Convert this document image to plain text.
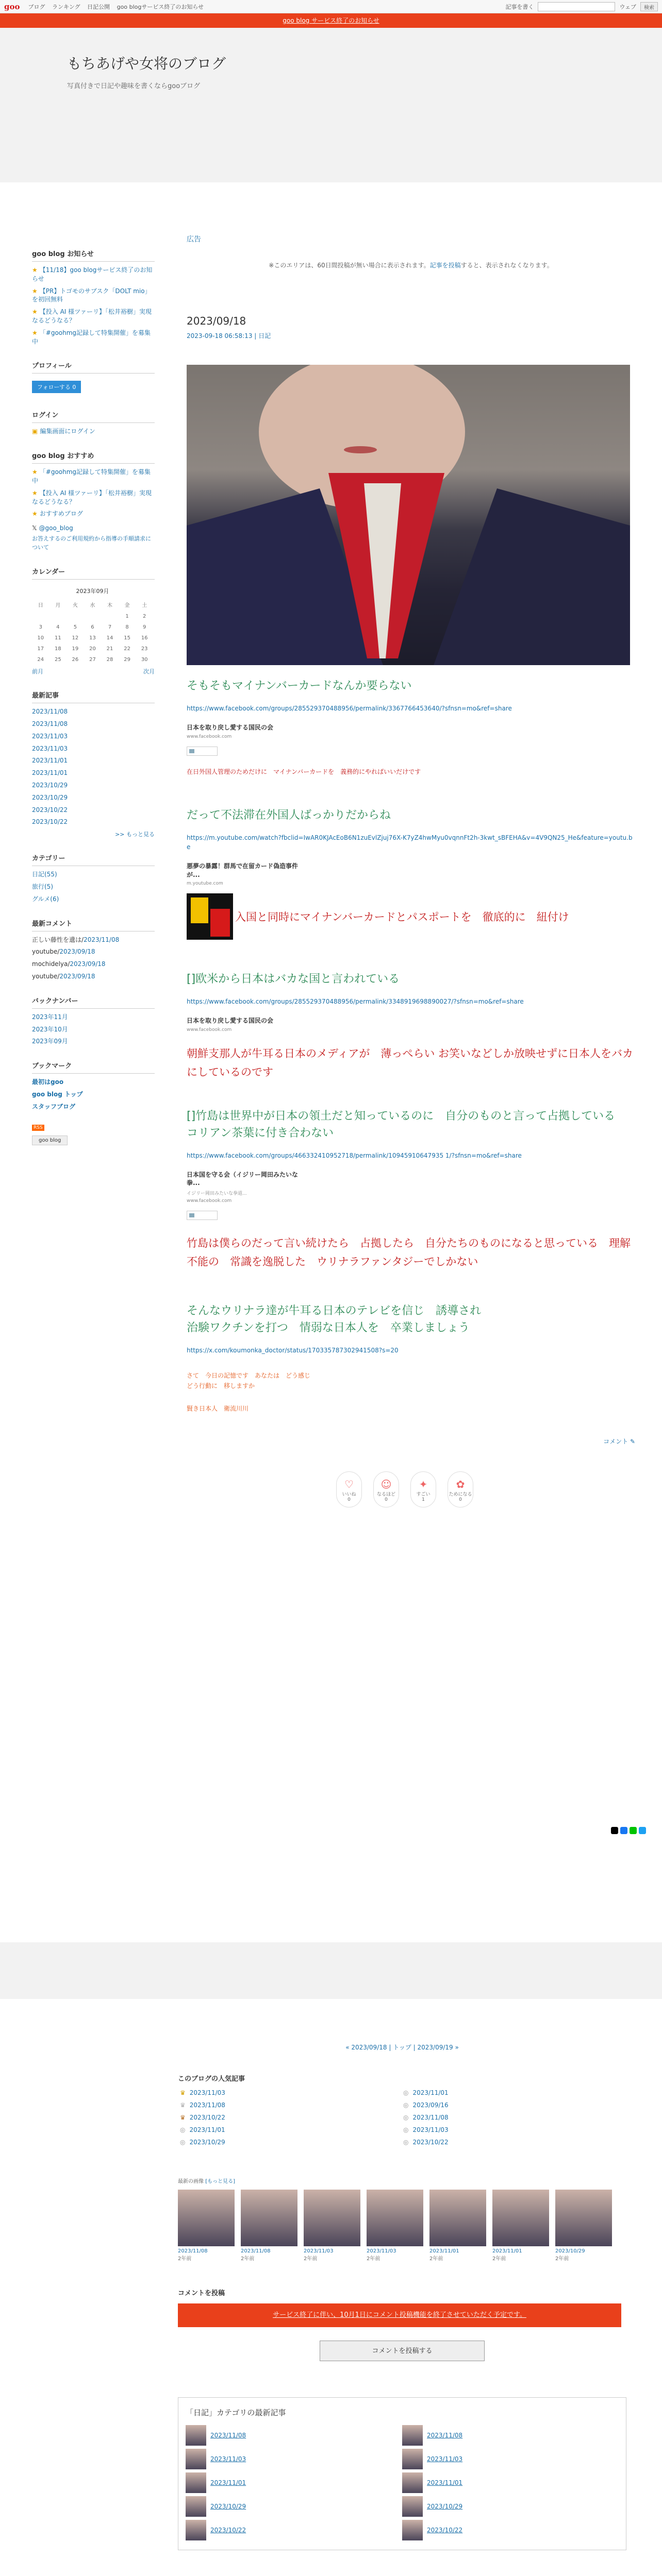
goo ブログ ランキング 日記公開 goo blogサービス終了のお知らせ	記事を書く	ウェブ	検索
goo blog サービス終了のお知らせ
もちあげや女将のブログ
写真付きで日記や趣味を書くならgooブログ
goo blog お知らせ
★ 【11/18】goo blogサービス終了のお知らせ
★ 【PR】トゴモのサブスク「DOLT mio」を初回無料
★ 【投入 AI 様ツァーリ】「松井裕樹」実現なるどうなる？
★ 「#goohmg記録して特集開催」を募集中
プロフィール
フォローする 0
ログイン
▣ 編集画面にログイン
goo blog おすすめ
★ 「#goohmg記録して特集開催」を募集中
★ 【投入 AI 様ツァーリ】「松井裕樹」実現なるどうなる？
★ おすすめブログ
𝕏 @goo_blog
お答えするのご利用規約から指導の手順請求について
カレンダー
2023年09月
日	月	火	水	木	金	土
					1	2
3	4	5	6	7	8	9
10	11	12	13	14	15	16
17	18	19	20	21	22	23
24	25	26	27	28	29	30
前月	次月
最新記事
2023/11/08
2023/11/08
2023/11/03
2023/11/03
2023/11/01
2023/11/01
2023/10/29
2023/10/29
2023/10/22
2023/10/22
>> もっと見る
カテゴリー
日記(55)
旅行(5)
グルメ(6)
最新コメント
正しい藤性を遺は/2023/11/08
youtube/2023/09/18
mochidelya/2023/09/18
youtube/2023/09/18
バックナンバー
2023年11月
2023年10月
2023年09月
ブックマーク
最初はgoo
goo blog トップ
スタッフブログ
RSS
goo blog
広告
※このエリアは、60日間投稿が無い場合に表示されます。記事を投稿すると、表示されなくなります。
2023/09/18
2023-09-18 06:58:13 | 日記
そもそもマイナンバーカードなんか要らない
https://www.facebook.com/groups/285529370488956/permalink/3367766453640/?sfnsn=mo&ref=share
日本を取り戻し愛する国民の会
www.facebook.com
在日外国人管理のためだけに　マイナンバーカードを　義務的にやればいいだけです
だって不法滞在外国人ばっかりだからね
https://m.youtube.com/watch?fbclid=IwAR0KJAcEoB6N1zuEvlZjuj76X-K7yZ4hwMyu0vqnnFt2h-3kwt_sBFEHA&v=4V9QN25_He&feature=youtu.be
悪夢の暴露！群馬で在留カード偽造事件が...
m.youtube.com
入国と同時にマイナンバーカードとパスポートを　徹底的に　紐付け
[]欧米から日本はバカな国と言われている
https://www.facebook.com/groups/285529370488956/permalink/3348919698890027/?sfnsn=mo&ref=share
日本を取り戻し愛する国民の会
www.facebook.com
朝鮮支那人が牛耳る日本のメディアが　薄っぺらい お笑いなどしか放映せずに日本人をバカにしているのです
[]竹島は世界中が日本の領土だと知っているのに　自分のものと言って占拠している
コリアン茶葉に付き合わない
https://www.facebook.com/groups/466332410952718/permalink/10945910647935 1/?sfnsn=mo&ref=share
日本国を守る会（イジリー岡田みたいな拳...
イジリー岡田みたいな拳道...
www.facebook.com
竹島は僕らのだって言い続けたら　占拠したら　自分たちのものになると思っている　理解不能の　常識を逸脱した　ウリナラファンタジーでしかない
そんなウリナラ達が牛耳る日本のテレビを信じ　誘導され
治験ワクチンを打つ　情弱な日本人を　卒業しましょう
https://x.com/koumonka_doctor/status/170335787302941508?s=20
さて　今日の記憶です　あなたは　どう感じ
どう行動に　移しますか
賢き日本人　衛流川川
コメント ✎
♡
いいね
0
☺
なるほど
0
✦
すごい
1
✿
ためになる
0
« 2023/09/18 | トップ | 2023/09/19 »
このブログの人気記事
♛ 2023/11/03	◎ 2023/11/01
♛ 2023/11/08	◎ 2023/09/16
♛ 2023/10/22	◎ 2023/11/08
◎ 2023/11/01	◎ 2023/11/03
◎ 2023/10/29	◎ 2023/10/22
最新の画像 [もっと見る]
2023/11/08
2年前
2023/11/08
2年前
2023/11/03
2年前
2023/11/03
2年前
2023/11/01
2年前
2023/11/01
2年前
2023/10/29
2年前
コメントを投稿
サービス終了に伴い、10月1日にコメント投稿機能を終了させていただく予定です。
コメントを投稿する
「日記」カテゴリの最新記事
2023/11/08	2023/11/08
2023/11/03	2023/11/03
2023/11/01	2023/11/01
2023/10/29	2023/10/29
2023/10/22	2023/10/22
